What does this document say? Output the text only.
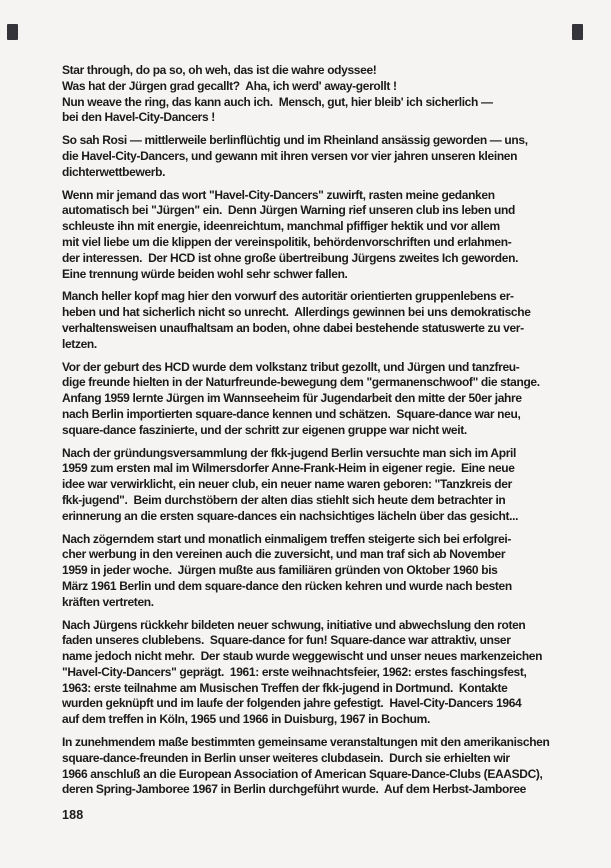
Star through, do pa so, oh weh, das ist die wahre odyssee!
Was hat der Jürgen grad gecallt?  Aha, ich werd' away-gerollt !
Nun weave the ring, das kann auch ich.  Mensch, gut, hier bleib' ich sicherlich —
bei den Havel-City-Dancers !
So sah Rosi — mittlerweile berlinflüchtig und im Rheinland ansässig geworden — uns,
die Havel-City-Dancers, und gewann mit ihren versen vor vier jahren unseren kleinen
dichterwettbewerb.
Wenn mir jemand das wort "Havel-City-Dancers" zuwirft, rasten meine gedanken
automatisch bei "Jürgen" ein.  Denn Jürgen Warning rief unseren club ins leben und
schleuste ihn mit energie, ideenreichtum, manchmal pfiffiger hektik und vor allem
mit viel liebe um die klippen der vereinspolitik, behördenvorschriften und erlahmen-
der interessen.  Der HCD ist ohne große übertreibung Jürgens zweites Ich geworden.
Eine trennung würde beiden wohl sehr schwer fallen.
Manch heller kopf mag hier den vorwurf des autoritär orientierten gruppenlebens er-
heben und hat sicherlich nicht so unrecht.  Allerdings gewinnen bei uns demokratische
verhaltensweisen unaufhaltsam an boden, ohne dabei bestehende statuswerte zu ver-
letzen.
Vor der geburt des HCD wurde dem volkstanz tribut gezollt, und Jürgen und tanzfreu-
dige freunde hielten in der Naturfreunde-bewegung dem "germanenschwoof" die stange.
Anfang 1959 lernte Jürgen im Wannseeheim für Jugendarbeit den mitte der 50er jahre
nach Berlin importierten square-dance kennen und schätzen.  Square-dance war neu,
square-dance faszinierte, und der schritt zur eigenen gruppe war nicht weit.
Nach der gründungsversammlung der fkk-jugend Berlin versuchte man sich im April
1959 zum ersten mal im Wilmersdorfer Anne-Frank-Heim in eigener regie.  Eine neue
idee war verwirklicht, ein neuer club, ein neuer name waren geboren: "Tanzkreis der
fkk-jugend".  Beim durchstöbern der alten dias stiehlt sich heute dem betrachter in
erinnerung an die ersten square-dances ein nachsichtiges lächeln über das gesicht...
Nach zögerndem start und monatlich einmaligem treffen steigerte sich bei erfolgrei-
cher werbung in den vereinen auch die zuversicht, und man traf sich ab November
1959 in jeder woche.  Jürgen mußte aus familiären gründen von Oktober 1960 bis
März 1961 Berlin und dem square-dance den rücken kehren und wurde nach besten
kräften vertreten.
Nach Jürgens rückkehr bildeten neuer schwung, initiative und abwechslung den roten
faden unseres clublebens.  Square-dance for fun! Square-dance war attraktiv, unser
name jedoch nicht mehr.  Der staub wurde weggewischt und unser neues markenzeichen
"Havel-City-Dancers" geprägt.  1961: erste weihnachtsfeier, 1962: erstes faschingsfest,
1963: erste teilnahme am Musischen Treffen der fkk-jugend in Dortmund.  Kontakte
wurden geknüpft und im laufe der folgenden jahre gefestigt.  Havel-City-Dancers 1964
auf dem treffen in Köln, 1965 und 1966 in Duisburg, 1967 in Bochum.
In zunehmendem maße bestimmten gemeinsame veranstaltungen mit den amerikanischen
square-dance-freunden in Berlin unser weiteres clubdasein.  Durch sie erhielten wir
1966 anschluß an die European Association of American Square-Dance-Clubs (EAASDC),
deren Spring-Jamboree 1967 in Berlin durchgeführt wurde.  Auf dem Herbst-Jamboree
188
